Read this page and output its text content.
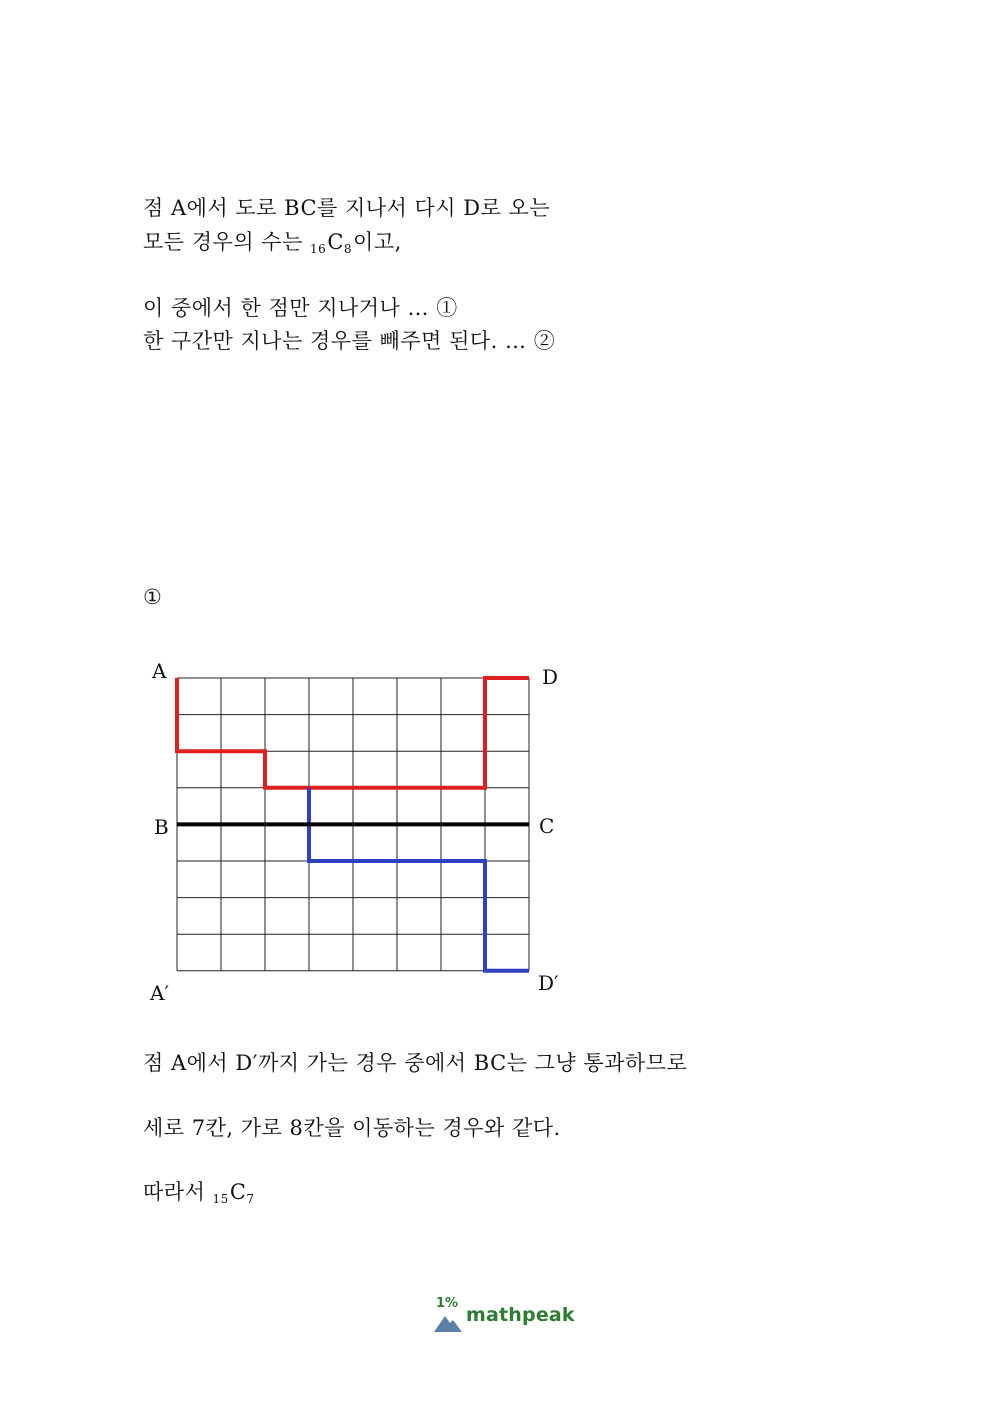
점 A에서 도로 BC를 지나서 다시 D로 오는
모든 경우의 수는 $_{16}C_8$이고,
이 중에서 한 점만 지나거나 … ①
한 구간만 지나는 경우를 빼주면 된다. … ②
①
A	D
B	C
A′	D′
점 A에서 D′까지 가는 경우 중에서 BC는 그냥 통과하므로
세로 7칸, 가로 8칸을 이동하는 경우와 같다.
따라서 $_{15}C_7$
1%
mathpeak
